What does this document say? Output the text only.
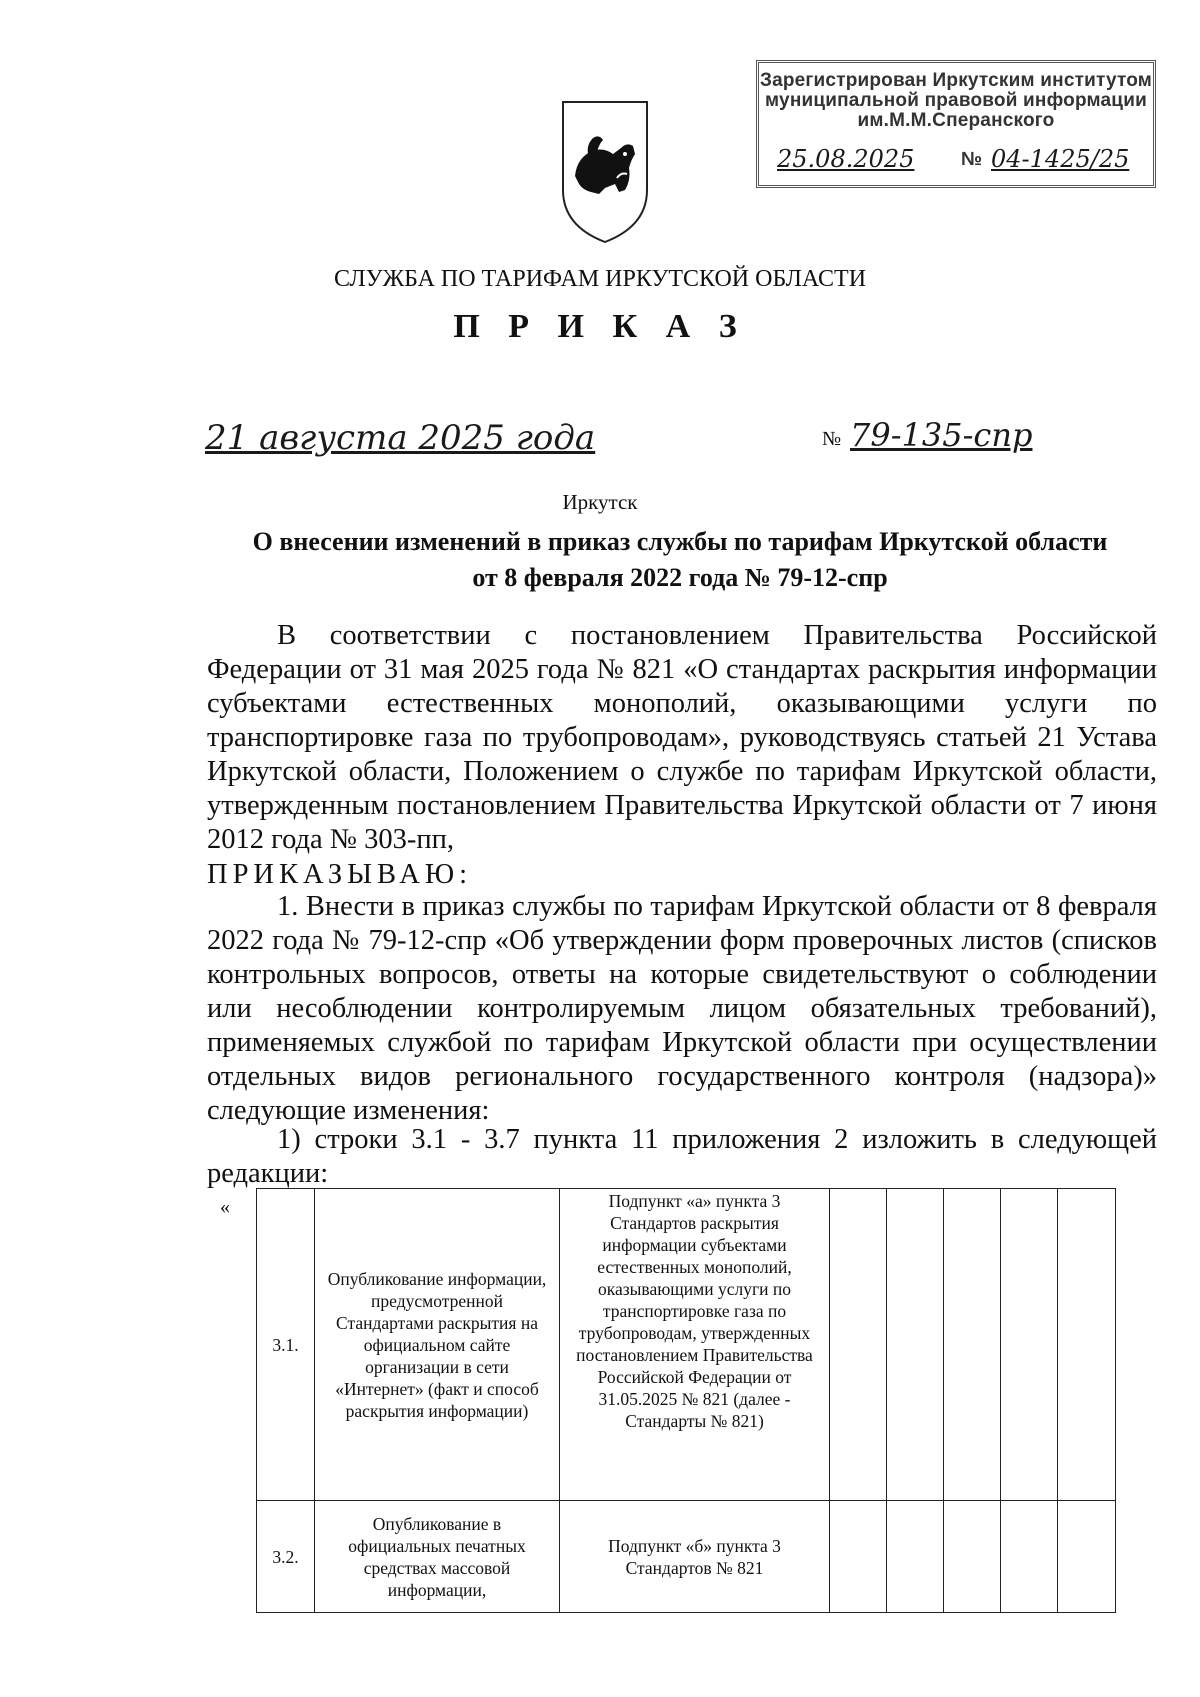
Зарегистрирован Иркутским институтом
муниципальной правовой информации
им.М.М.Сперанского
25.08.2025 № 04-1425/25
СЛУЖБА ПО ТАРИФАМ ИРКУТСКОЙ ОБЛАСТИ
П Р И К А З
21 августа 2025 года	№ 79-135-спр
Иркутск
О внесении изменений в приказ службы по тарифам Иркутской области
от 8 февраля 2022 года № 79-12-спр
В соответствии с постановлением Правительства Российской Федерации от 31 мая 2025 года № 821 «О стандартах раскрытия информации субъектами естественных монополий, оказывающими услуги по транспортировке газа по трубопроводам», руководствуясь статьей 21 Устава Иркутской области, Положением о службе по тарифам Иркутской области, утвержденным постановлением Правительства Иркутской области от 7 июня 2012 года № 303-пп,
ПРИКАЗЫВАЮ:
1. Внести в приказ службы по тарифам Иркутской области от 8 февраля 2022 года № 79-12-спр «Об утверждении форм проверочных листов (списков контрольных вопросов, ответы на которые свидетельствуют о соблюдении или несоблюдении контролируемым лицом обязательных требований), применяемых службой по тарифам Иркутской области при осуществлении отдельных видов регионального государственного контроля (надзора)» следующие изменения:
1) строки 3.1 - 3.7 пункта 11 приложения 2 изложить в следующей редакции:
«
3.1.	Опубликование информации, предусмотренной Стандартами раскрытия на официальном сайте организации в сети «Интернет» (факт и способ раскрытия информации)	Подпункт «а» пункта 3 Стандартов раскрытия информации субъектами естественных монополий, оказывающими услуги по транспортировке газа по трубопроводам, утвержденных постановлением Правительства Российской Федерации от 31.05.2025 № 821 (далее - Стандарты № 821)					
3.2.	Опубликование в официальных печатных средствах массовой информации,	Подпункт «б» пункта 3 Стандартов № 821					
